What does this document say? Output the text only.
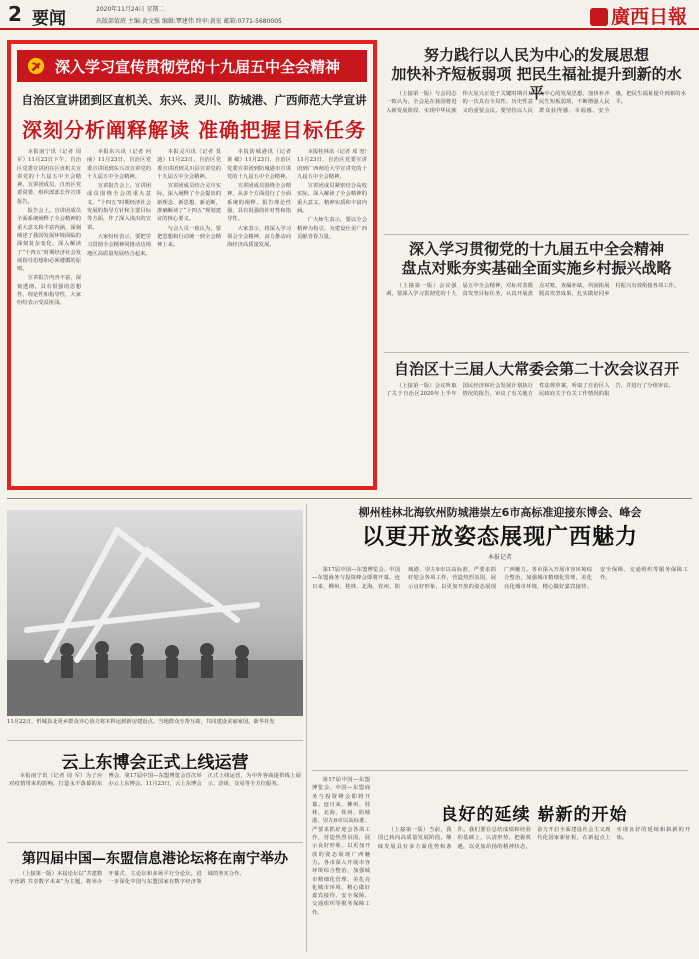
2 要闻	2020年11月24日 星期二
出版部值班 主编:黄文强 编辑:覃建伟 终审:黄宏 邮箱:0771-5680005	廣西日報
深入学习宣传贯彻党的十九届五中全会精神
自治区宣讲团到区直机关、东兴、灵川、防城港、广西师范大学宣讲
深刻分析阐释解读 准确把握目标任务

本报南宁讯（记者 周 军）11月23日下午，自治区党委宣讲团在区直机关宣讲党的十九届五中全会精神。宣讲团成员、自治区党委常委、组织部部长作宣讲报告。

报告会上，宣讲团成员全面系统阐释了全会精神的重大意义和丰富内涵，深刻阐述了我国发展环境面临的深刻复杂变化，深入解读了“十四五”时期经济社会发展指导思想和必须遵循的原则。

宣讲报告内容丰富、深刻透彻，具有很强的思想性、理论性和指导性，大家纷纷表示受益匪浅。

本报东兴讯（记者 何 丽）11月23日，自治区党委宣讲团到东兴市宣讲党的十九届五中全会精神。

宣讲报告会上，宣讲团成员围绕全会的重大意义、“十四五”时期经济社会发展的指导方针和主要目标等方面，作了深入浅出的宣讲。

大家纷纷表示，要把学习贯彻全会精神同推动边境地区高质量发展结合起来。

本报灵川讯（记者 莫 迪）11月23日，自治区党委宣讲团到灵川县宣讲党的十九届五中全会精神。

宣讲团成员结合灵川实际，深入阐释了全会提出的新理念、新思想、新论断，准确解读了“十四五”规划建议的核心要义。

与会人员一致认为，要把思想和行动统一到全会精神上来。

本报防城港讯（记者 黄 敏）11月23日，自治区党委宣讲团到防城港市宣讲党的十九届五中全会精神。

宣讲团成员围绕全会精神，从多个方面进行了全面系统的阐释，报告理论性强，具有很强的针对性和指导性。

大家表示，将深入学习领会全会精神，奋力推动向海经济高质量发展。

本报桂林讯（记者 邓 尧）11月23日，自治区党委宣讲团到广西师范大学宣讲党的十九届五中全会精神。

宣讲团成员紧密结合高校实际，深入解读了全会精神的重大意义、精神实质和丰富内涵。

广大师生表示，要以全会精神为指引，为建设壮美广西贡献青春力量。

努力践行以人民为中心的发展思想
加快补齐短板弱项 把民生福祉提升到新的水平

（上接第一版）与会同志一致认为，全会是在我国将进入新发展阶段、实现中华民族伟大复兴正处于关键时期召开的一次具有全局性、历史性意义的重要会议。要坚持以人民为中心的发展思想，加快补齐民生短板弱项，不断增强人民群众获得感、幸福感、安全感，把民生福祉提升到新的水平。

深入学习贯彻党的十九届五中全会精神
盘点对账夯实基础全面实施乡村振兴战略

（上接第一版）会议强调，要深入学习贯彻党的十九届五中全会精神，对标对表脱贫攻坚目标任务，认真开展盘点对账，查漏补缺，巩固拓展脱贫攻坚成果，扎实做好同乡村振兴有效衔接各项工作。

自治区十三届人大常委会第二十次会议召开

（上接第一版）会议听取了关于自治区2020年上半年国民经济和社会发展计划执行情况的报告，审议了有关地方性法规草案，听取了自治区人民政府关于有关工作情况的报告，并进行了分组审议。

11月22日，忻城县北更乡群众齐心协力将木料运到新房建设点。当地群众互帮互助，共同建设美丽家园。新华社发
柳州桂林北海钦州防城港崇左6市高标准迎接东博会、峰会
以更开放姿态展现广西魅力
本报记者

第17届中国—东盟博览会、中国—东盟商务与投资峰会即将开幕。连日来，柳州、桂林、北海、钦州、防城港、崇左6市以高标准、严要求抓好迎会各项工作，营造热烈氛围，展示良好形象，以更加开放的姿态展现广西魅力。各市深入开展市容环境综合整治，加强城市精细化管理，美化亮化城市环境，精心做好嘉宾接待、安全保障、交通组织等服务保障工作。

云上东博会正式上线运营

本报南宁讯（记者 周 军）为了应对疫情带来的影响，打造永不落幕的东博会，第17届中国—东盟博览会首次举办云上东博会。11月23日，云上东博会正式上线运营，为中外客商提供线上展示、洽谈、交易等全方位服务。

第四届中国—东盟信息港论坛将在南宁举办

（上接第一版）本届论坛以“共建数字丝路 共享数字未来”为主题，将举办开幕式、主论坛和多场平行分论坛，进一步深化中国与东盟国家在数字经济领域的务实合作。

第17届中国—东盟博览会、中国—东盟商务与投资峰会即将开幕。连日来，柳州、桂林、北海、钦州、防城港、崇左6市以高标准、严要求抓好迎会各项工作，营造热烈氛围，展示良好形象，以更加开放的姿态展现广西魅力。各市深入开展市容环境综合整治，加强城市精细化管理，美化亮化城市环境，精心做好嘉宾接待、安全保障、交通组织等服务保障工作。

良好的延续 崭新的开始

（上接第一版）当前，我国已转向高质量发展阶段，继续发展具有多方面优势和条件。我们要在总结成绩和经验的基础上，认清形势，把握机遇，以更加昂扬的精神状态，奋力开启全面建设社会主义现代化国家新征程，在新起点上实现良好的延续和崭新的开始。
